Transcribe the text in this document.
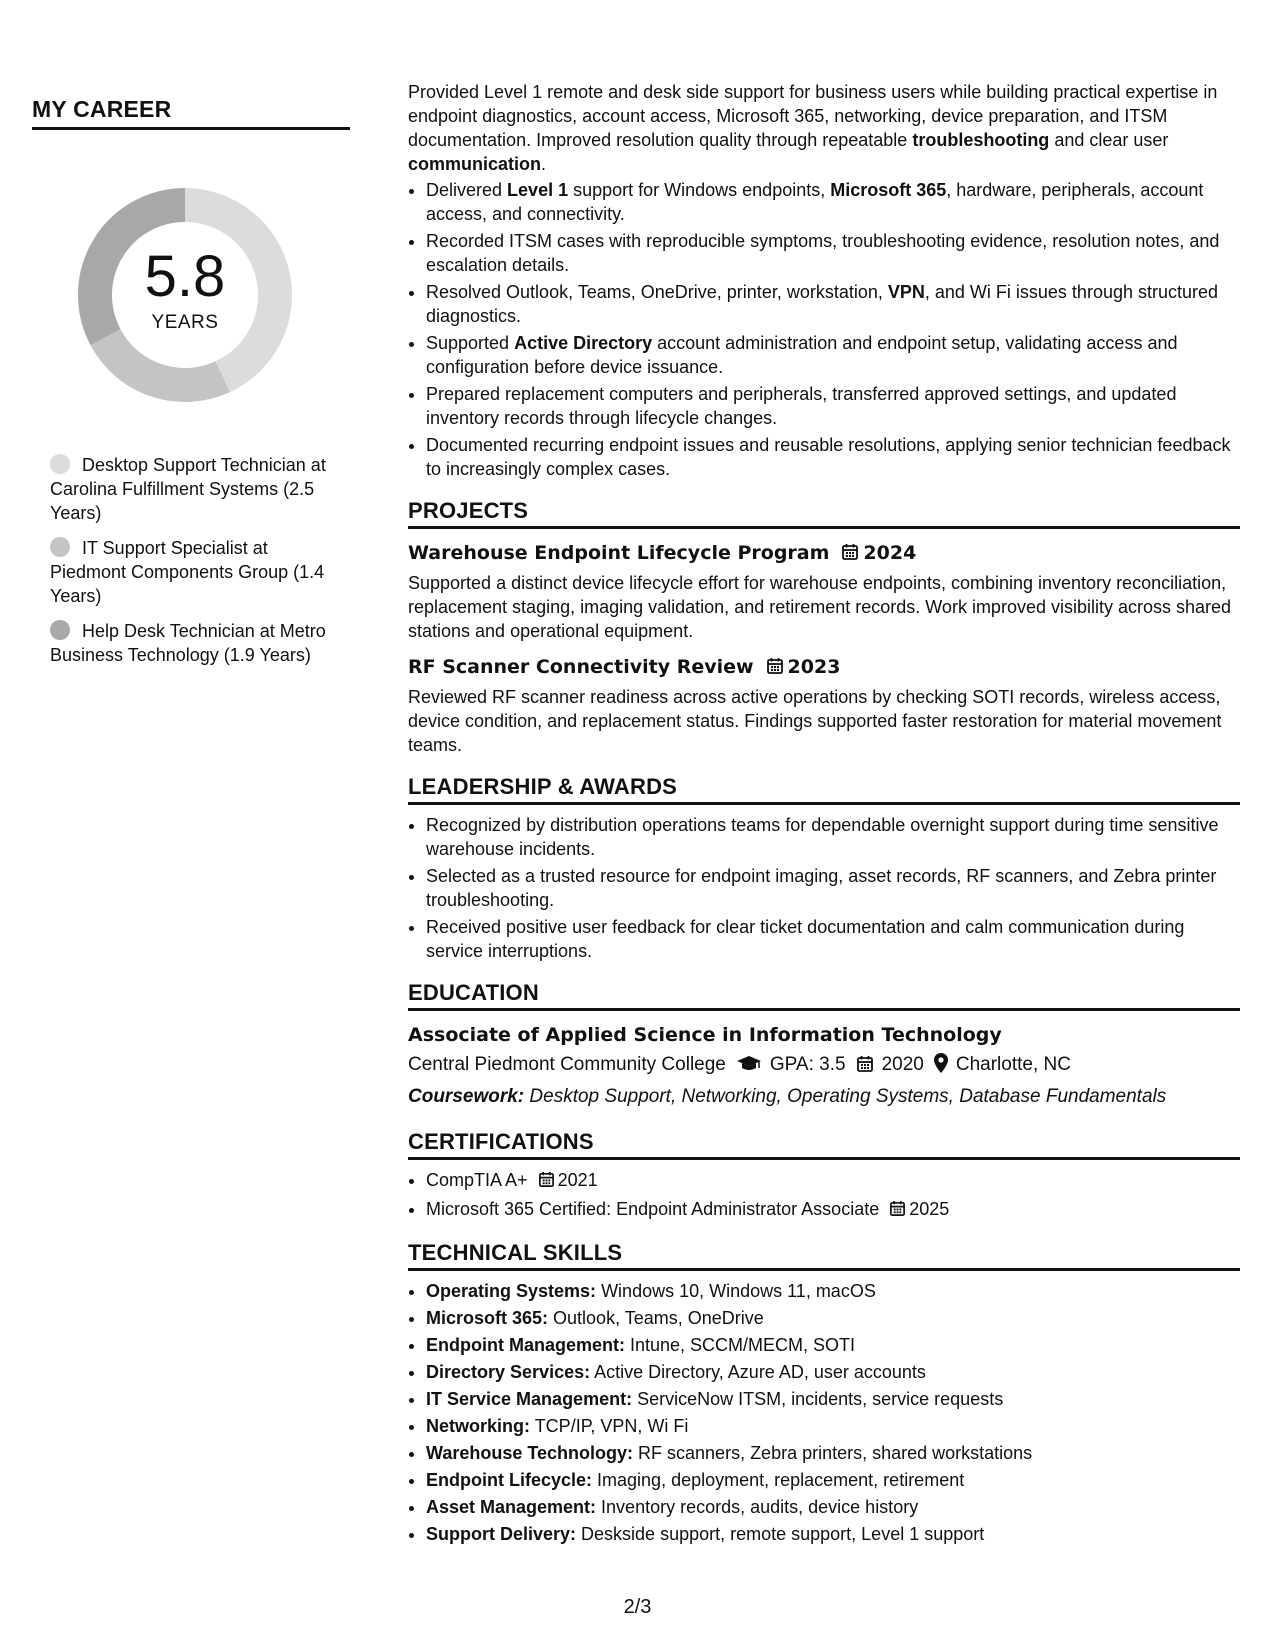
MY CAREER
5.8
YEARS
Desktop Support Technician at Carolina Fulfillment Systems (2.5 Years)
IT Support Specialist at Piedmont Components Group (1.4 Years)
Help Desk Technician at Metro Business Technology (1.9 Years)

Provided Level 1 remote and desk side support for business users while building practical expertise in endpoint diagnostics, account access, Microsoft 365, networking, device preparation, and ITSM documentation. Improved resolution quality through repeatable troubleshooting and clear user communication.

• Delivered Level 1 support for Windows endpoints, Microsoft 365, hardware, peripherals, account access, and connectivity.
• Recorded ITSM cases with reproducible symptoms, troubleshooting evidence, resolution notes, and escalation details.
• Resolved Outlook, Teams, OneDrive, printer, workstation, VPN, and Wi Fi issues through structured diagnostics.
• Supported Active Directory account administration and endpoint setup, validating access and configuration before device issuance.
• Prepared replacement computers and peripherals, transferred approved settings, and updated inventory records through lifecycle changes.
• Documented recurring endpoint issues and reusable resolutions, applying senior technician feedback to increasingly complex cases.
PROJECTS
Warehouse Endpoint Lifecycle Program 2024

Supported a distinct device lifecycle effort for warehouse endpoints, combining inventory reconciliation, replacement staging, imaging validation, and retirement records. Work improved visibility across shared stations and operational equipment.

RF Scanner Connectivity Review 2023

Reviewed RF scanner readiness across active operations by checking SOTI records, wireless access, device condition, and replacement status. Findings supported faster restoration for material movement teams.

LEADERSHIP & AWARDS
• Recognized by distribution operations teams for dependable overnight support during time sensitive warehouse incidents.
• Selected as a trusted resource for endpoint imaging, asset records, RF scanners, and Zebra printer troubleshooting.
• Received positive user feedback for clear ticket documentation and calm communication during service interruptions.
EDUCATION
Associate of Applied Science in Information Technology
Central Piedmont Community College GPA: 3.5 2020 Charlotte, NC
Coursework: Desktop Support, Networking, Operating Systems, Database Fundamentals
CERTIFICATIONS
• CompTIA A+ 2021
• Microsoft 365 Certified: Endpoint Administrator Associate 2025
TECHNICAL SKILLS
• Operating Systems: Windows 10, Windows 11, macOS
• Microsoft 365: Outlook, Teams, OneDrive
• Endpoint Management: Intune, SCCM/MECM, SOTI
• Directory Services: Active Directory, Azure AD, user accounts
• IT Service Management: ServiceNow ITSM, incidents, service requests
• Networking: TCP/IP, VPN, Wi Fi
• Warehouse Technology: RF scanners, Zebra printers, shared workstations
• Endpoint Lifecycle: Imaging, deployment, replacement, retirement
• Asset Management: Inventory records, audits, device history
• Support Delivery: Deskside support, remote support, Level 1 support
2/3
